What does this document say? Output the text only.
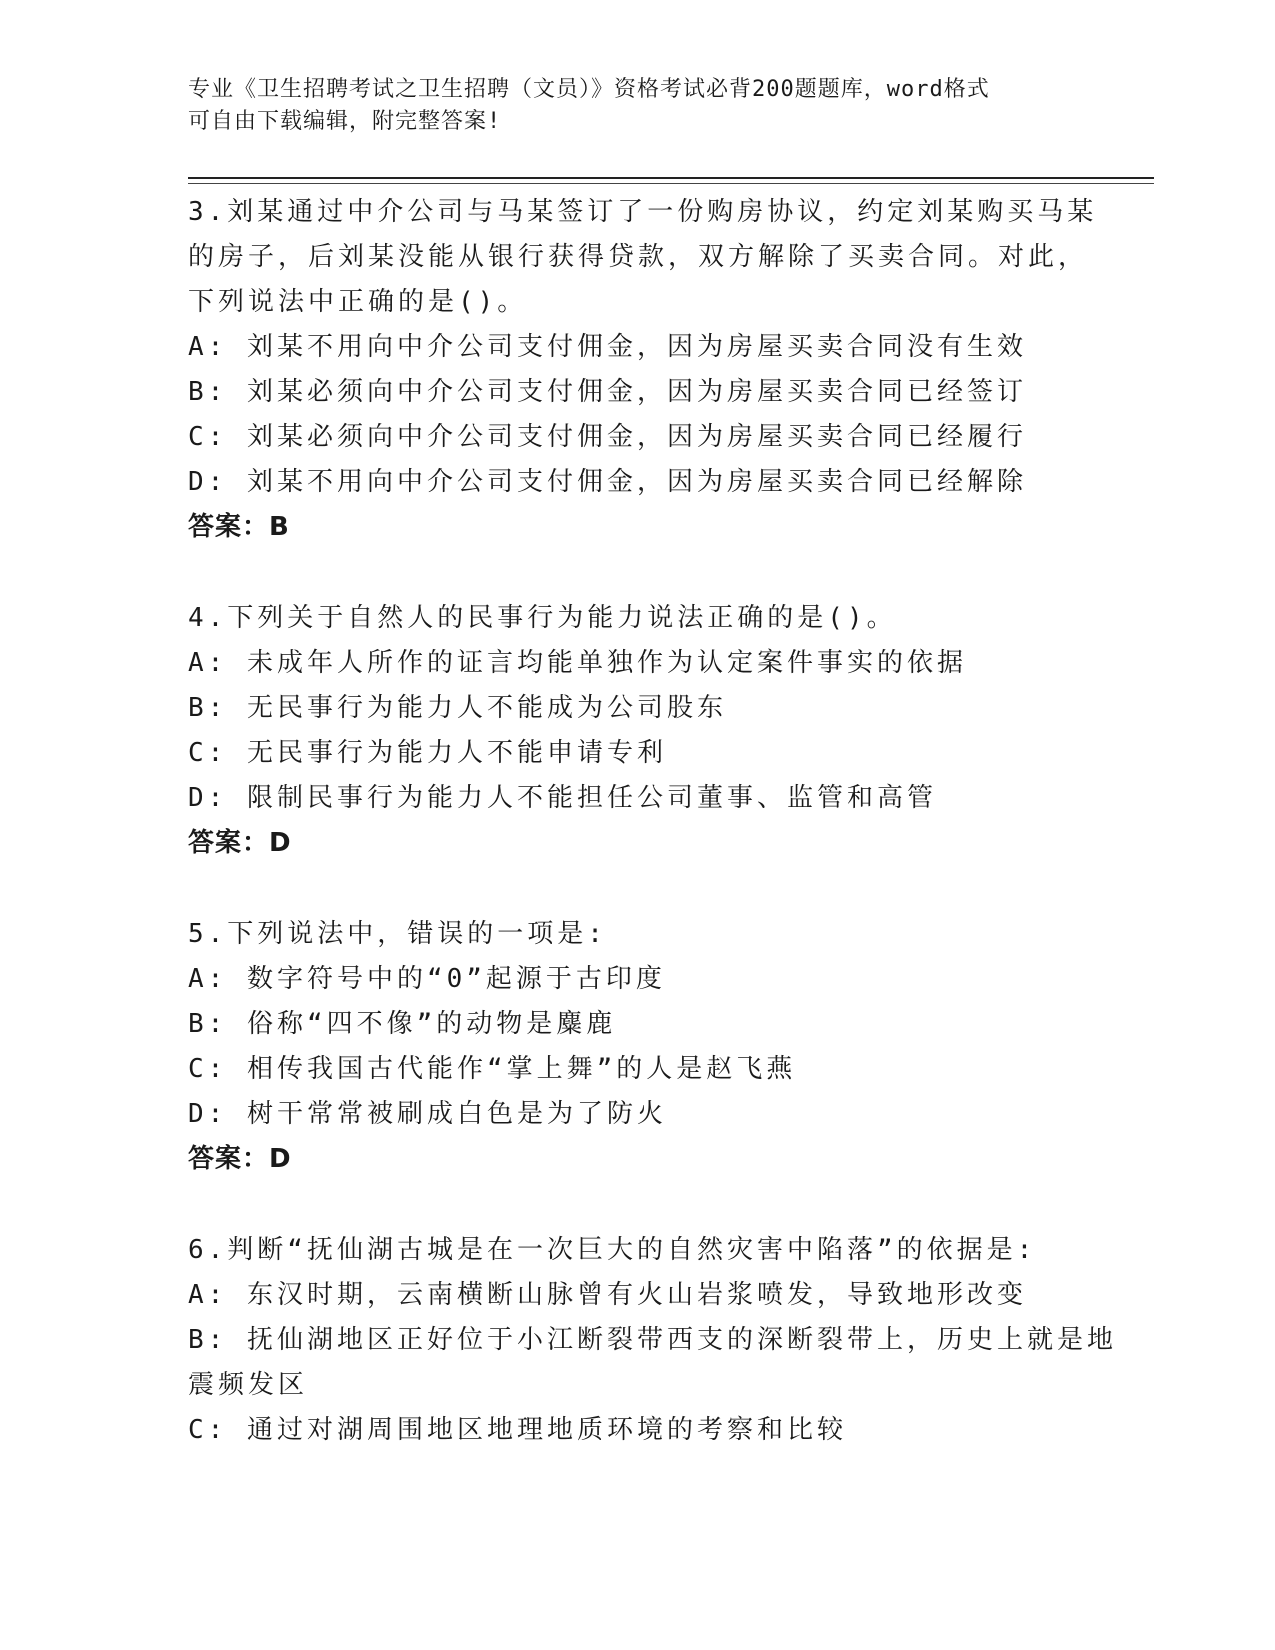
专业《卫生招聘考试之卫生招聘（文员）》资格考试必背200题题库，word格式
可自由下载编辑，附完整答案!
3.刘某通过中介公司与马某签订了一份购房协议，约定刘某购买马某
的房子，后刘某没能从银行获得贷款，双方解除了买卖合同。对此，
下列说法中正确的是()。
A: 刘某不用向中介公司支付佣金，因为房屋买卖合同没有生效
B: 刘某必须向中介公司支付佣金，因为房屋买卖合同已经签订
C: 刘某必须向中介公司支付佣金，因为房屋买卖合同已经履行
D: 刘某不用向中介公司支付佣金，因为房屋买卖合同已经解除
答案：B
4.下列关于自然人的民事行为能力说法正确的是()。
A: 未成年人所作的证言均能单独作为认定案件事实的依据
B: 无民事行为能力人不能成为公司股东
C: 无民事行为能力人不能申请专利
D: 限制民事行为能力人不能担任公司董事、监管和高管
答案：D
5.下列说法中，错误的一项是:
A: 数字符号中的“0”起源于古印度
B: 俗称“四不像”的动物是麋鹿
C: 相传我国古代能作“掌上舞”的人是赵飞燕
D: 树干常常被刷成白色是为了防火
答案：D
6.判断“抚仙湖古城是在一次巨大的自然灾害中陷落”的依据是:
A: 东汉时期，云南横断山脉曾有火山岩浆喷发，导致地形改变
B: 抚仙湖地区正好位于小江断裂带西支的深断裂带上，历史上就是地
震频发区
C: 通过对湖周围地区地理地质环境的考察和比较
